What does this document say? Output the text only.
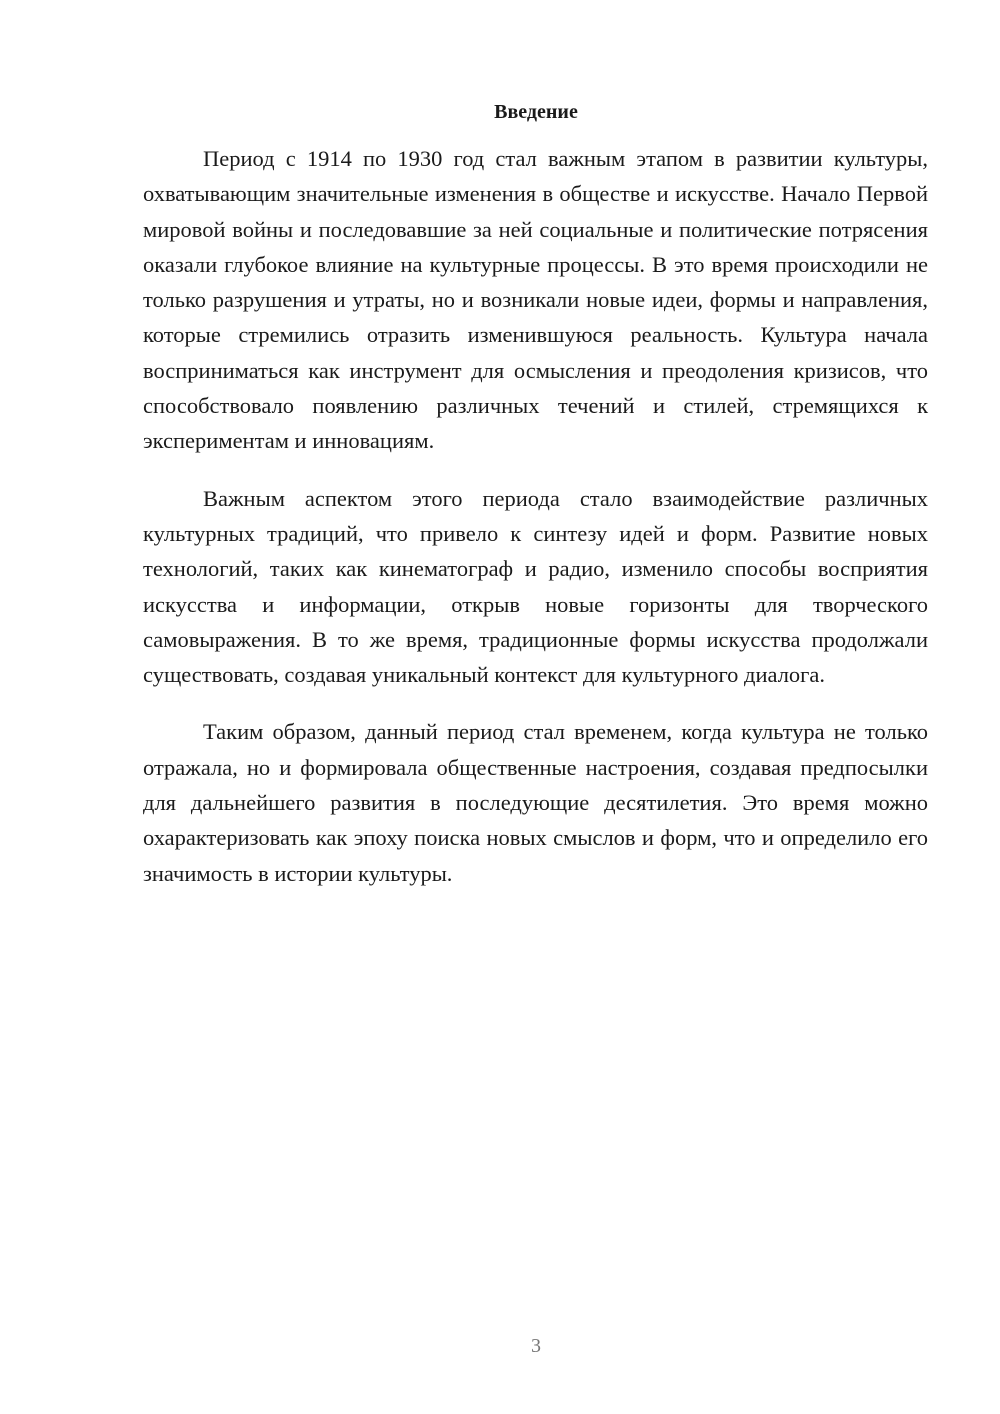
Введение

Период с 1914 по 1930 год стал важным этапом в развитии культуры, охватывающим значительные изменения в обществе и искусстве. Начало Первой мировой войны и последовавшие за ней социальные и политические потрясения оказали глубокое влияние на культурные процессы. В это время происходили не только разрушения и утраты, но и возникали новые идеи, формы и направления, которые стремились отразить изменившуюся реальность. Культура начала восприниматься как инструмент для осмысления и преодоления кризисов, что способствовало появлению различных течений и стилей, стремящихся к экспериментам и инновациям.

Важным аспектом этого периода стало взаимодействие различных культурных традиций, что привело к синтезу идей и форм. Развитие новых технологий, таких как кинематограф и радио, изменило способы восприятия искусства и информации, открыв новые горизонты для творческого самовыражения. В то же время, традиционные формы искусства продолжали существовать, создавая уникальный контекст для культурного диалога.

Таким образом, данный период стал временем, когда культура не только отражала, но и формировала общественные настроения, создавая предпосылки для дальнейшего развития в последующие десятилетия. Это время можно охарактеризовать как эпоху поиска новых смыслов и форм, что и определило его значимость в истории культуры.

3
